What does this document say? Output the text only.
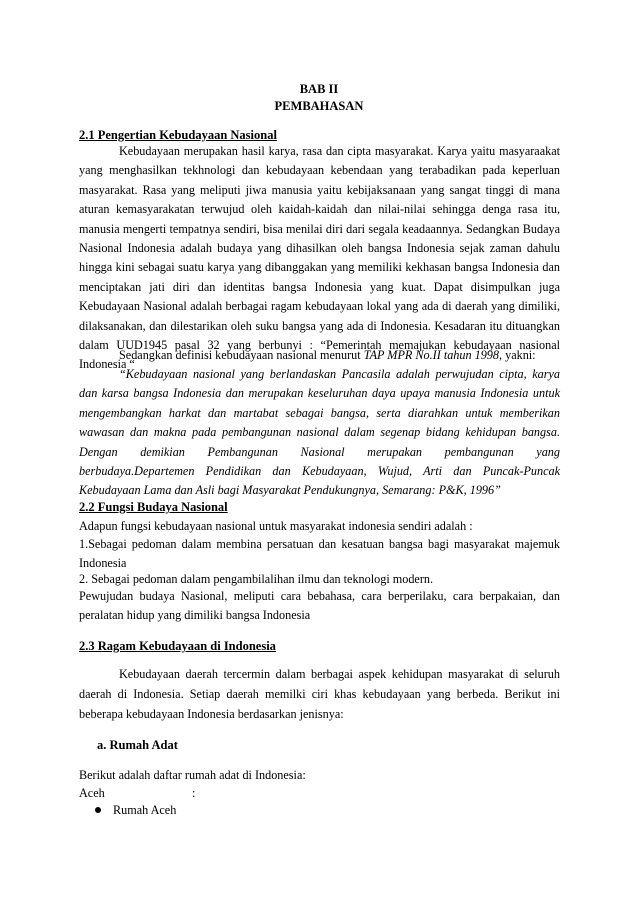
BAB II
PEMBAHASAN
2.1 Pengertian Kebudayaan Nasional

Kebudayaan merupakan hasil karya, rasa dan cipta masyarakat. Karya yaitu masyaraakat yang menghasilkan tekhnologi dan kebudayaan kebendaan yang terabadikan pada keperluan masyarakat. Rasa yang meliputi jiwa manusia yaitu kebijaksanaan yang sangat tinggi di mana aturan kemasyarakatan terwujud oleh kaidah-kaidah dan nilai-nilai sehingga denga rasa itu, manusia mengerti tempatnya sendiri, bisa menilai diri dari segala keadaannya. Sedangkan Budaya Nasional Indonesia adalah budaya yang dihasilkan oleh bangsa Indonesia sejak zaman dahulu hingga kini sebagai suatu karya yang dibanggakan yang memiliki kekhasan bangsa Indonesia dan menciptakan jati diri dan identitas bangsa Indonesia yang kuat. Dapat disimpulkan juga Kebudayaan Nasional adalah berbagai ragam kebudayaan lokal yang ada di daerah yang dimiliki, dilaksanakan, dan dilestarikan oleh suku bangsa yang ada di Indonesia. Kesadaran itu dituangkan dalam UUD1945 pasal 32 yang berbunyi : “Pemerintah memajukan kebudayaan nasional Indonesia “

Sedangkan definisi kebudayaan nasional menurut TAP MPR No.II tahun 1998, yakni:

“Kebudayaan nasional yang berlandaskan Pancasila adalah perwujudan cipta, karya dan karsa bangsa Indonesia dan merupakan keseluruhan daya upaya manusia Indonesia untuk mengembangkan harkat dan martabat sebagai bangsa, serta diarahkan untuk memberikan wawasan dan makna pada pembangunan nasional dalam segenap bidang kehidupan bangsa. Dengan demikian Pembangunan Nasional merupakan pembangunan yang berbudaya.Departemen Pendidikan dan Kebudayaan, Wujud, Arti dan Puncak-Puncak Kebudayaan Lama dan Asli bagi Masyarakat Pendukungnya, Semarang: P&K, 1996”

2.2 Fungsi Budaya Nasional
Adapun fungsi kebudayaan nasional untuk masyarakat indonesia sendiri adalah :

1.Sebagai pedoman dalam membina persatuan dan kesatuan bangsa bagi masyarakat majemuk Indonesia

2. Sebagai pedoman dalam pengambilalihan ilmu dan teknologi modern.

Pewujudan budaya Nasional, meliputi cara bebahasa, cara berperilaku, cara berpakaian, dan peralatan hidup yang dimiliki bangsa Indonesia

2.3 Ragam Kebudayaan di Indonesia

Kebudayaan daerah tercermin dalam berbagai aspek kehidupan masyarakat di seluruh daerah di Indonesia. Setiap daerah memilki ciri khas kebudayaan yang berbeda. Berikut ini beberapa kebudayaan Indonesia berdasarkan jenisnya:

a. Rumah Adat
Berikut adalah daftar rumah adat di Indonesia:
Aceh	:
Rumah Aceh
